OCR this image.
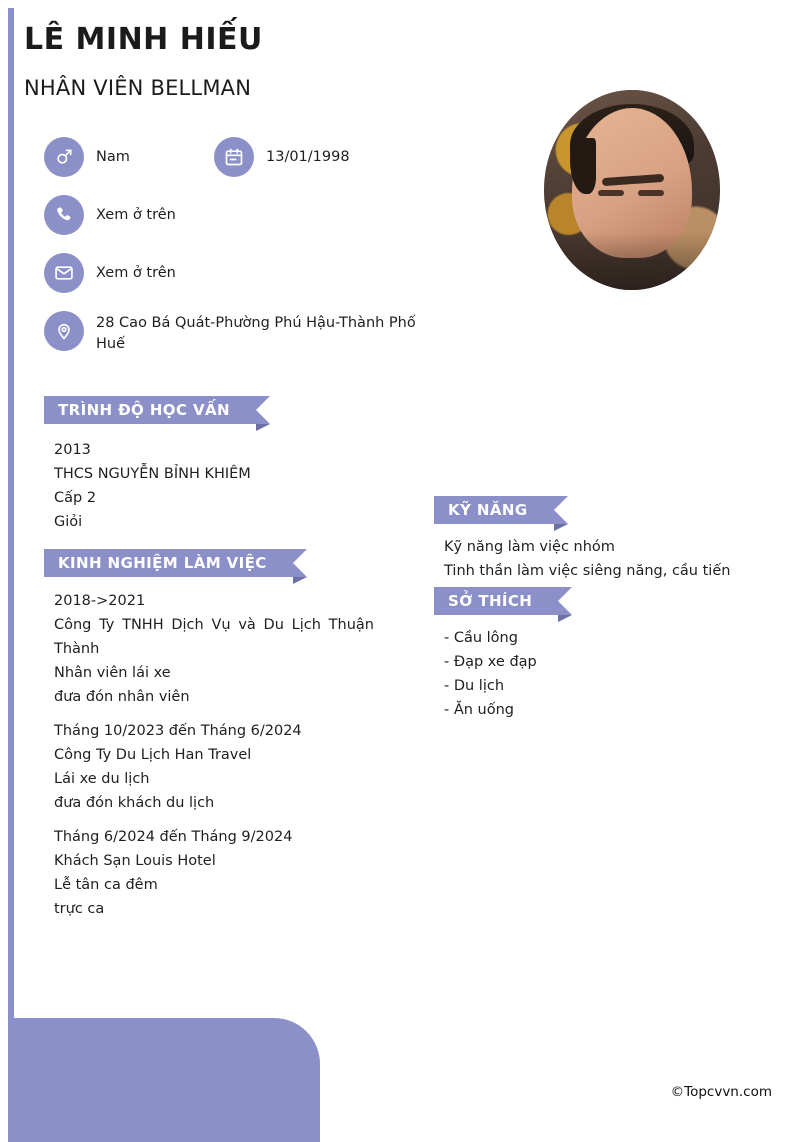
LÊ MINH HIẾU
NHÂN VIÊN BELLMAN
Nam	13/01/1998
Xem ở trên
Xem ở trên
28 Cao Bá Quát-Phường Phú Hậu-Thành Phố Huế
TRÌNH ĐỘ HỌC VẤN
2013
THCS NGUYỄN BỈNH KHIÊM
Cấp 2
Giỏi
KINH NGHIỆM LÀM VIỆC
2018->2021
Công Ty TNHH Dịch Vụ và Du Lịch Thuận Thành
Nhân viên lái xe
đưa đón nhân viên
Tháng 10/2023 đến Tháng 6/2024
Công Ty Du Lịch Han Travel
Lái xe du lịch
đưa đón khách du lịch
Tháng 6/2024 đến Tháng 9/2024
Khách Sạn Louis Hotel
Lễ tân ca đêm
trực ca
KỸ NĂNG
Kỹ năng làm việc nhóm
Tinh thần làm việc siêng năng, cầu tiến
SỞ THÍCH
- Cầu lông
- Đạp xe đạp
- Du lịch
- Ăn uống
©Topcvvn.com
